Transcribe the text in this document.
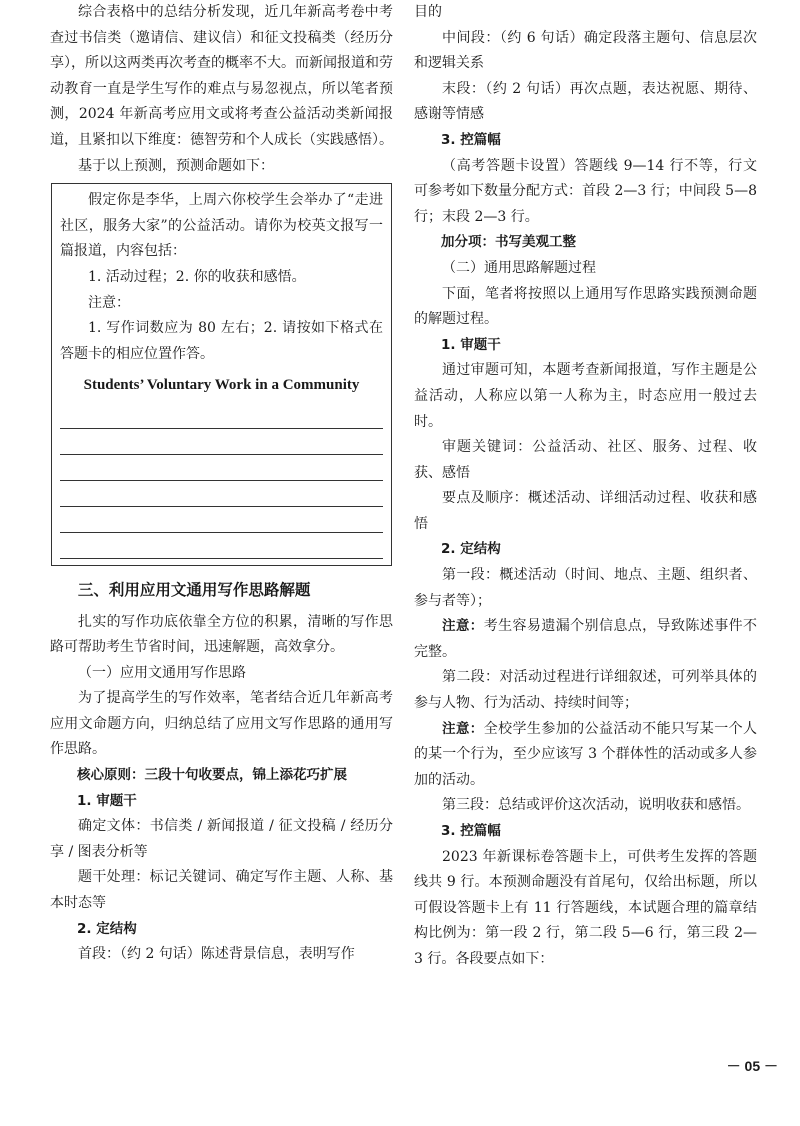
综合表格中的总结分析发现，近几年新高考卷中考查过书信类（邀请信、建议信）和征文投稿类（经历分享），所以这两类再次考查的概率不大。而新闻报道和劳动教育一直是学生写作的难点与易忽视点，所以笔者预测，2024 年新高考应用文或将考查公益活动类新闻报道，且紧扣以下维度：德智劳和个人成长（实践感悟）。

基于以上预测，预测命题如下：

假定你是李华，上周六你校学生会举办了“走进社区，服务大家”的公益活动。请你为校英文报写一篇报道，内容包括：

1. 活动过程；2. 你的收获和感悟。

注意：

1. 写作词数应为 80 左右；2. 请按如下格式在答题卡的相应位置作答。

Students’ Voluntary Work in a Community

三、利用应用文通用写作思路解题

扎实的写作功底依靠全方位的积累，清晰的写作思路可帮助考生节省时间，迅速解题，高效拿分。

（一）应用文通用写作思路

为了提高学生的写作效率，笔者结合近几年新高考应用文命题方向，归纳总结了应用文写作思路的通用写作思路。

核心原则：三段十句收要点，锦上添花巧扩展

1. 审题干

确定文体：书信类 / 新闻报道 / 征文投稿 / 经历分享 / 图表分析等

题干处理：标记关键词、确定写作主题、人称、基本时态等

2. 定结构

首段：（约 2 句话）陈述背景信息，表明写作

目的

中间段：（约 6 句话）确定段落主题句、信息层次和逻辑关系

末段：（约 2 句话）再次点题，表达祝愿、期待、感谢等情感

3. 控篇幅

（高考答题卡设置）答题线 9—14 行不等，行文可参考如下数量分配方式：首段 2—3 行；中间段 5—8 行；末段 2—3 行。

加分项：书写美观工整

（二）通用思路解题过程

下面，笔者将按照以上通用写作思路实践预测命题的解题过程。

1. 审题干

通过审题可知，本题考查新闻报道，写作主题是公益活动，人称应以第一人称为主，时态应用一般过去时。

审题关键词：公益活动、社区、服务、过程、收获、感悟

要点及顺序：概述活动、详细活动过程、收获和感悟

2. 定结构

第一段：概述活动（时间、地点、主题、组织者、参与者等）；

注意：考生容易遗漏个别信息点，导致陈述事件不完整。

第二段：对活动过程进行详细叙述，可列举具体的参与人物、行为活动、持续时间等；

注意：全校学生参加的公益活动不能只写某一个人的某一个行为，至少应该写 3 个群体性的活动或多人参加的活动。

第三段：总结或评价这次活动，说明收获和感悟。

3. 控篇幅

2023 年新课标卷答题卡上，可供考生发挥的答题线共 9 行。本预测命题没有首尾句，仅给出标题，所以可假设答题卡上有 11 行答题线，本试题合理的篇章结构比例为：第一段 2 行，第二段 5—6 行，第三段 2—3 行。各段要点如下：

－ 05 －
